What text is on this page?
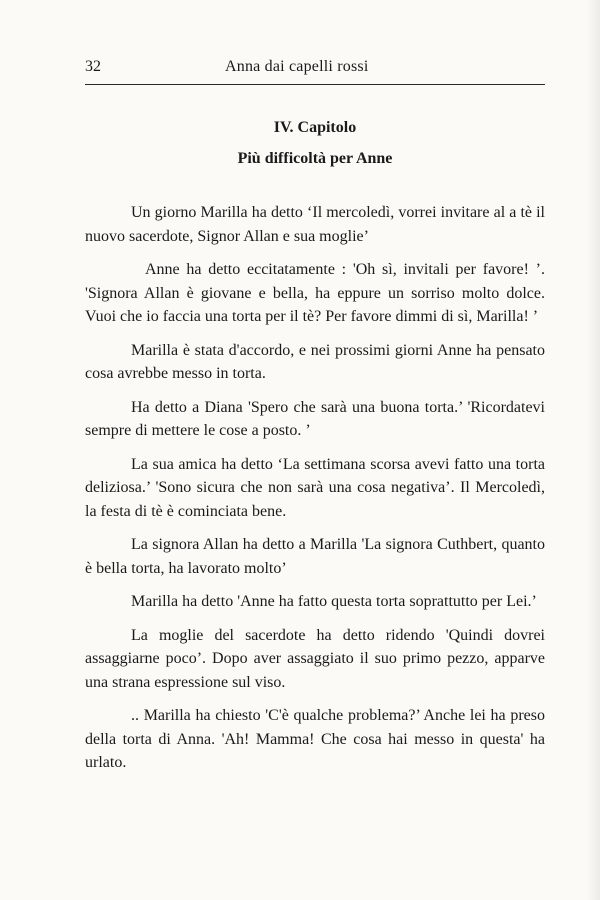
32	Anna dai capelli rossi
IV. Capitolo
Più difficoltà per Anne

Un giorno Marilla ha detto ‘Il mercoledì, vorrei invitare al a tè il nuovo sacerdote, Signor Allan e sua moglie’

Anne ha detto eccitatamente : 'Oh sì, invitali per favore! ’. 'Signora Allan è giovane e bella, ha eppure un sorriso molto dolce. Vuoi che io faccia una torta per il tè? Per favore dimmi di sì, Marilla! ’

Marilla è stata d'accordo, e nei prossimi giorni Anne ha pensato cosa avrebbe messo in torta.

Ha detto a Diana 'Spero che sarà una buona torta.’ 'Ricordatevi sempre di mettere le cose a posto. ’

La sua amica ha detto ‘La settimana scorsa avevi fatto una torta deliziosa.’ 'Sono sicura che non sarà una cosa negativa’. Il Mercoledì, la festa di tè è cominciata bene.

La signora Allan ha detto a Marilla 'La signora Cuthbert, quanto è bella torta, ha lavorato molto’

Marilla ha detto 'Anne ha fatto questa torta soprattutto per Lei.’

La moglie del sacerdote ha detto ridendo 'Quindi dovrei assaggiarne poco’. Dopo aver assaggiato il suo primo pezzo, apparve una strana espressione sul viso.

.. Marilla ha chiesto 'C'è qualche problema?’ Anche lei ha preso della torta di Anna. 'Ah! Mamma! Che cosa hai messo in questa' ha urlato.
